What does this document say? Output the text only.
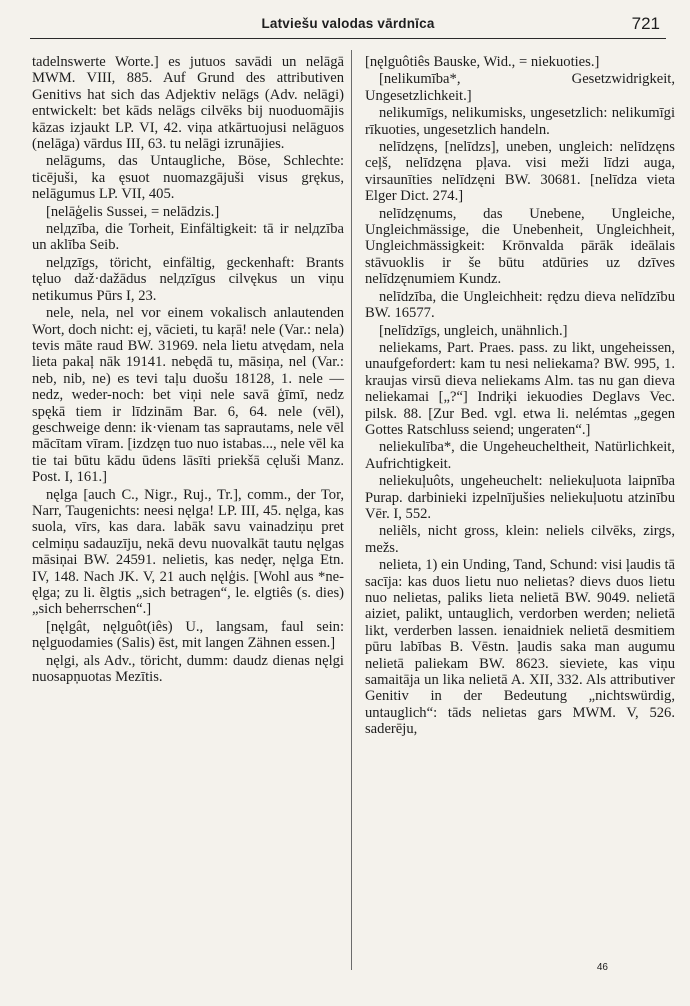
Latviešu valodas vārdnīca	721

tadelnswerte Worte.] es jutuos savādi un nelāgā MWM. VIII, 885. Auf Grund des attributiven Genitivs hat sich das Adjektiv nelāgs (Adv. nelāgi) entwickelt: bet kāds nelāgs cilvēks bij nuoduomājis kāzas izjaukt LP. VI, 42. viņa atkārtuojusi nelāguos (nelāga) vārdus III, 63. tu nelāgi izrunājies.

nelāgums, das Untaugliche, Böse, Schlechte: ticējuši, ka ęsuot nuomazgājuši visus grękus, nelāgumus LP. VII, 405.

[nelāģelis Sussei, = nelādzis.]

nelдzība, die Torheit, Einfältigkeit: tā ir nelдzība un aklība Seib.

nelдzīgs, töricht, einfältig, geckenhaft: Brants tęluo daž·dažādus nelдzīgus cilvękus un viņu netikumus Pūrs I, 23.

nele, nela, nel vor einem vokalisch anlautenden Wort, doch nicht: ej, vācieti, tu kaŗā! nele (Var.: nela) tevis māte raud BW. 31969. nela lietu atvędam, nela lieta pakaļ nāk 19141. nebędā tu, māsiņa, nel (Var.: neb, nib, ne) es tevi taļu duošu 18128, 1. nele — nedz, weder-noch: bet viņi nele savā ģīmī, nedz spękā tiem ir līdzinām Bar. 6, 64. nele (vēl), geschweige denn: ik·vienam tas saprautams, nele vēl mācītam vīram. [izdzęn tuo nuo istabas..., nele vēl ka tie tai būtu kādu ūdens lāsīti priekšā cęluši Manz. Post. I, 161.]

nęlga [auch C., Nigr., Ruj., Tr.], comm., der Tor, Narr, Taugenichts: neesi nęlga! LP. III, 45. nęlga, kas suola, vīrs, kas dara. labāk savu vainadziņu pret celmiņu sadauzīju, nekā devu nuovalkāt tautu nęlgas māsiņai BW. 24591. nelietis, kas nedęr, nęlga Etn. IV, 148. Nach JK. V, 21 auch nęlģis. [Wohl aus *ne-ęlga; zu li. ẽlgtis „sich betragen“, le. elgtiês (s. dies) „sich beherrschen“.]

[nęlgât, nęlguôt(iês) U., langsam, faul sein: nęlguodamies (Salis) ēst, mit langen Zähnen essen.]

nęlgi, als Adv., töricht, dumm: daudz dienas nęlgi nuosapņuotas Mezītis.

[nęlguôtiês Bauske, Wid., = niekuoties.]

[nelikumība*, Gesetzwidrigkeit, Ungesetzlichkeit.]

nelikumīgs, nelikumisks, ungesetzlich: nelikumīgi rīkuoties, ungesetzlich handeln.

nelīdzęns, [nelīdzs], uneben, ungleich: nelīdzęns ceļš, nelīdzęna pļava. visi meži līdzi auga, virsaunīties nelīdzęni BW. 30681. [nelīdza vieta Elger Dict. 274.]

nelīdzęnums, das Unebene, Ungleiche, Ungleichmässige, die Unebenheit, Ungleichheit, Ungleichmässigkeit: Krōnvalda pārāk ideālais stāvuoklis ir še būtu atdūries uz dzīves nelīdzęnumiem Kundz.

nelīdzība, die Ungleichheit: rędzu dieva nelīdzību BW. 16577.

[nelīdzīgs, ungleich, unähnlich.]

neliekams, Part. Praes. pass. zu likt, ungeheissen, unaufgefordert: kam tu nesi neliekama? BW. 995, 1. kraujas virsū dieva neliekams Alm. tas nu gan dieva neliekamai [„?“] Indriķi iekuodies Deglavs Vec. pilsk. 88. [Zur Bed. vgl. etwa li. nelémtas „gegen Gottes Ratschluss seiend; ungeraten“.]

neliekulība*, die Ungeheucheltheit, Natürlichkeit, Aufrichtigkeit.

neliekuļuôts, ungeheuchelt: neliekuļuota laipnība Purap. darbinieki izpelnījušies neliekuļuotu atzinību Vēr. I, 552.

neliẽls, nicht gross, klein: neliels cilvēks, zirgs, mežs.

nelieta, 1) ein Unding, Tand, Schund: visi ļaudis tā sacīja: kas duos lietu nuo nelietas? dievs duos lietu nuo nelietas, paliks lieta nelietā BW. 9049. nelietā aiziet, palikt, untauglich, verdorben werden; nelietā likt, verderben lassen. ienaidniek nelietā desmitiem pūru labības B. Vēstn. ļaudis saka man augumu nelietā paliekam BW. 8623. sieviete, kas viņu samaitāja un lika nelietā A. XII, 332. Als attributiver Genitiv in der Bedeutung „nichtswürdig, untauglich“: tāds nelietas gars MWM. V, 526. saderēju,

46
